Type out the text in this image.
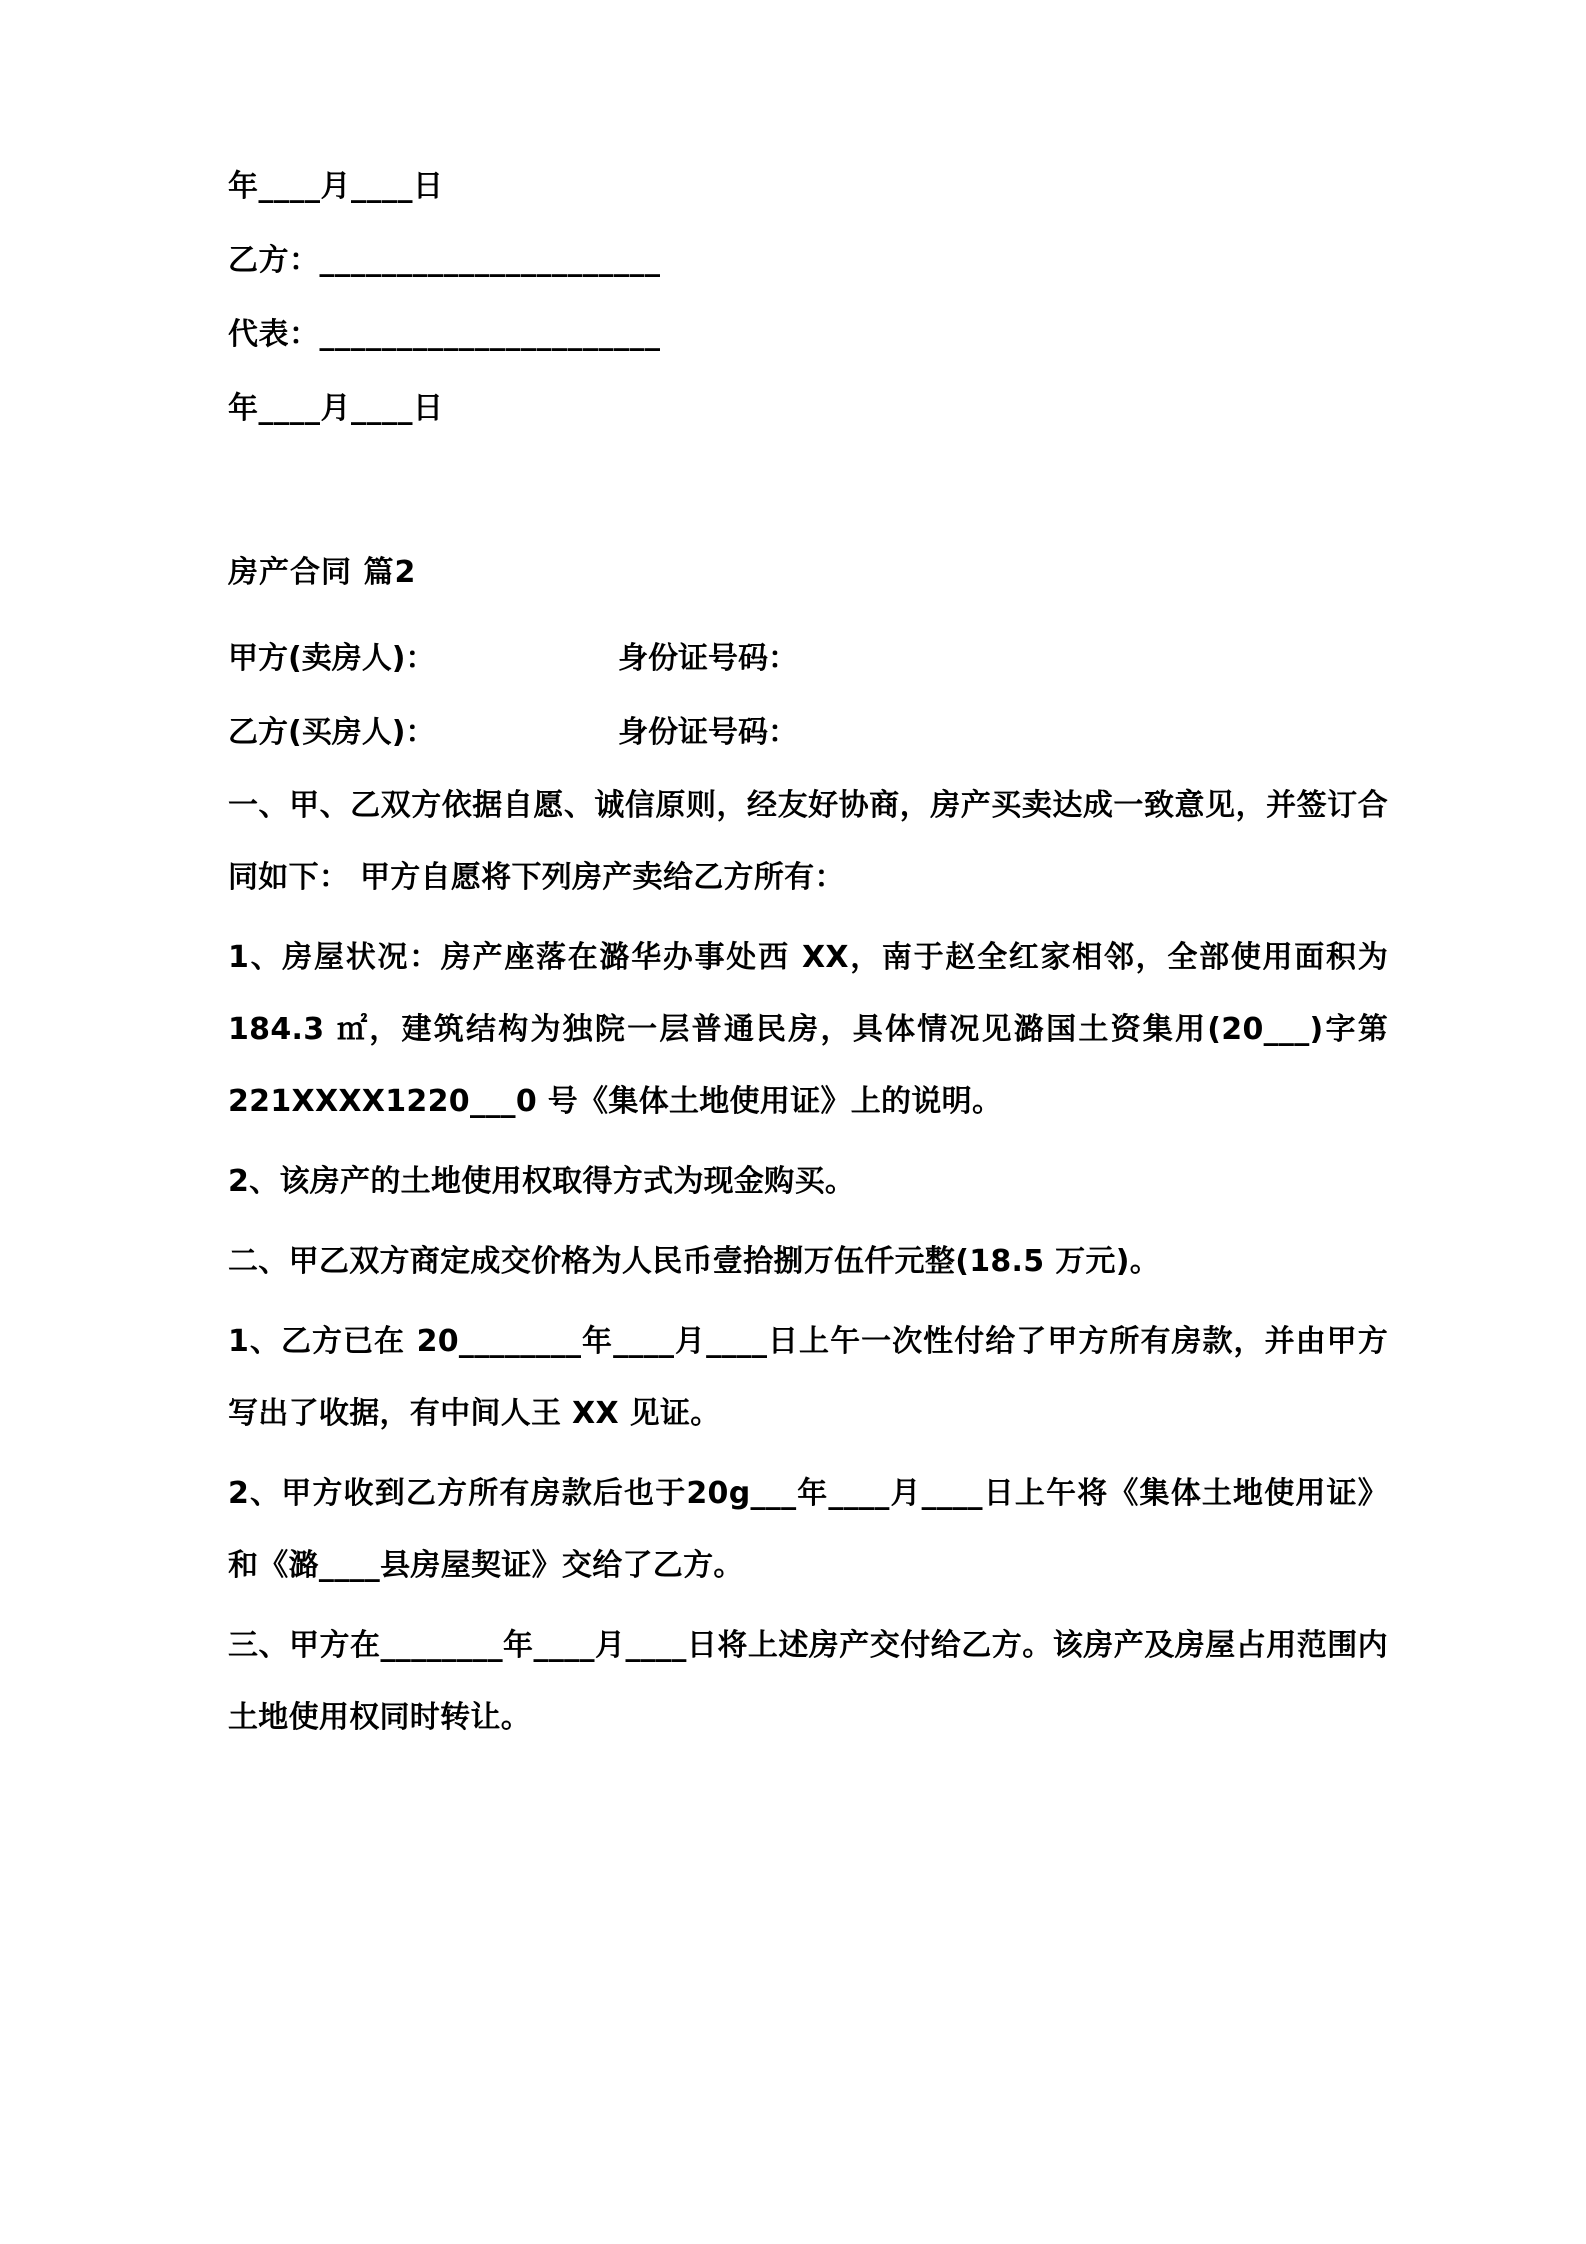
年____月____日

乙方：______________________

代表：______________________

年____月____日

房产合同 篇2

甲方(卖房人)：	身份证号码：
乙方(买房人)：	身份证号码：

一、甲、乙双方依据自愿、诚信原则，经友好协商，房产买卖达成一致意见，并签订合同如下： 甲方自愿将下列房产卖给乙方所有：

1、房屋状况：房产座落在潞华办事处西 XX，南于赵全红家相邻，全部使用面积为 184.3 ㎡，建筑结构为独院一层普通民房，具体情况见潞国土资集用(20___)字第 221XXXX1220___0 号《集体土地使用证》上的说明。

2、该房产的土地使用权取得方式为现金购买。

二、甲乙双方商定成交价格为人民币壹拾捌万伍仟元整(18.5 万元)。

1、乙方已在 20________年____月____日上午一次性付给了甲方所有房款，并由甲方写出了收据，有中间人王 XX 见证。

2、甲方收到乙方所有房款后也于20g___年____月____日上午将《集体土地使用证》和《潞____县房屋契证》交给了乙方。

三、甲方在________年____月____日将上述房产交付给乙方。该房产及房屋占用范围内土地使用权同时转让。
